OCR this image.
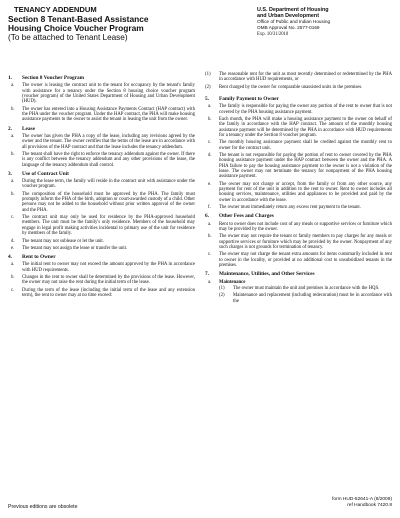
TENANCY ADDENDUM
Section 8 Tenant-Based Assistance
Housing Choice Voucher Program
(To be attached to Tenant Lease)
U.S. Department of Housing
and Urban Development
Office of Public and Indian Housing
OMB Approval No. 2577-0169
Exp. 10/31/2010
1.	Section 8 Voucher Program
a.	The owner is leasing the contract unit to the tenant for occupancy by the tenant's family with assistance for a tenancy under the Section 8 housing choice voucher program (voucher program) of the United States Department of Housing and Urban Development (HUD).
b.	The owner has entered into a Housing Assistance Payments Contract (HAP contract) with the PHA under the voucher program. Under the HAP contract, the PHA will make housing assistance payments to the owner to assist the tenant in leasing the unit from the owner.
2.	Lease
a.	The owner has given the PHA a copy of the lease, including any revisions agreed by the owner and the tenant. The owner certifies that the terms of the lease are in accordance with all provisions of the HAP contract and that the lease includes the tenancy addendum.
b.	The tenant shall have the right to enforce the tenancy addendum against the owner. If there is any conflict between the tenancy addendum and any other provisions of the lease, the language of the tenancy addendum shall control.
3.	Use of Contract Unit
a.	During the lease term, the family will reside in the contract unit with assistance under the voucher program.
b.	The composition of the household must be approved by the PHA. The family must promptly inform the PHA of the birth, adoption or court-awarded custody of a child. Other persons may not be added to the household without prior written approval of the owner and the PHA.
c.	The contract unit may only be used for residence by the PHA-approved household members. The unit must be the family's only residence. Members of the household may engage in legal profit making activities incidental to primary use of the unit for residence by members of the family.
d.	The tenant may not sublease or let the unit.
e.	The tenant may not assign the lease or transfer the unit.
4.	Rent to Owner
a.	The initial rent to owner may not exceed the amount approved by the PHA in accordance with HUD requirements.
b.	Changes in the rent to owner shall be determined by the provisions of the lease. However, the owner may not raise the rent during the initial term of the lease.
c.	During the term of the lease (including the initial term of the lease and any extension term), the rent to owner may at no time exceed:
(1)	The reasonable rent for the unit as most recently determined or redetermined by the PHA in accordance with HUD requirements, or
(2)	Rent charged by the owner for comparable unassisted units in the premises.
5.	Family Payment to Owner
a.	The family is responsible for paying the owner any portion of the rent to owner that is not covered by the PHA housing assistance payment.
b.	Each month, the PHA will make a housing assistance payment to the owner on behalf of the family in accordance with the HAP contract. The amount of the monthly housing assistance payment will be determined by the PHA in accordance with HUD requirements for a tenancy under the Section 8 voucher program.
c.	The monthly housing assistance payment shall be credited against the monthly rent to owner for the contract unit.
d.	The tenant is not responsible for paying the portion of rent to owner covered by the PHA housing assistance payment under the HAP contract between the owner and the PHA. A PHA failure to pay the housing assistance payment to the owner is not a violation of the lease. The owner may not terminate the tenancy for nonpayment of the PHA housing assistance payment.
e.	The owner may not charge or accept, from the family or from any other source, any payment for rent of the unit in addition to the rent to owner. Rent to owner includes all housing services, maintenance, utilities and appliances to be provided and paid by the owner in accordance with the lease.
f.	The owner must immediately return any excess rent payment to the tenant.
6.	Other Fees and Charges
a.	Rent to owner does not include cost of any meals or supportive services or furniture which may be provided by the owner.
b.	The owner may not require the tenant or family members to pay charges for any meals or supportive services or furniture which may be provided by the owner. Nonpayment of any such charges is not grounds for termination of tenancy.
c.	The owner may not charge the tenant extra amounts for items customarily included in rent to owner in the locality, or provided at no additional cost to unsubsidized tenants in the premises.
7.	Maintenance, Utilities, and Other Services
a.	Maintenance
(1)	The owner must maintain the unit and premises in accordance with the HQS.
(2)	Maintenance and replacement (including redecoration) must be in accordance with the
Previous editions are obsolete
form HUD-52641-A (8/2009)
ref Handbook 7420.8
